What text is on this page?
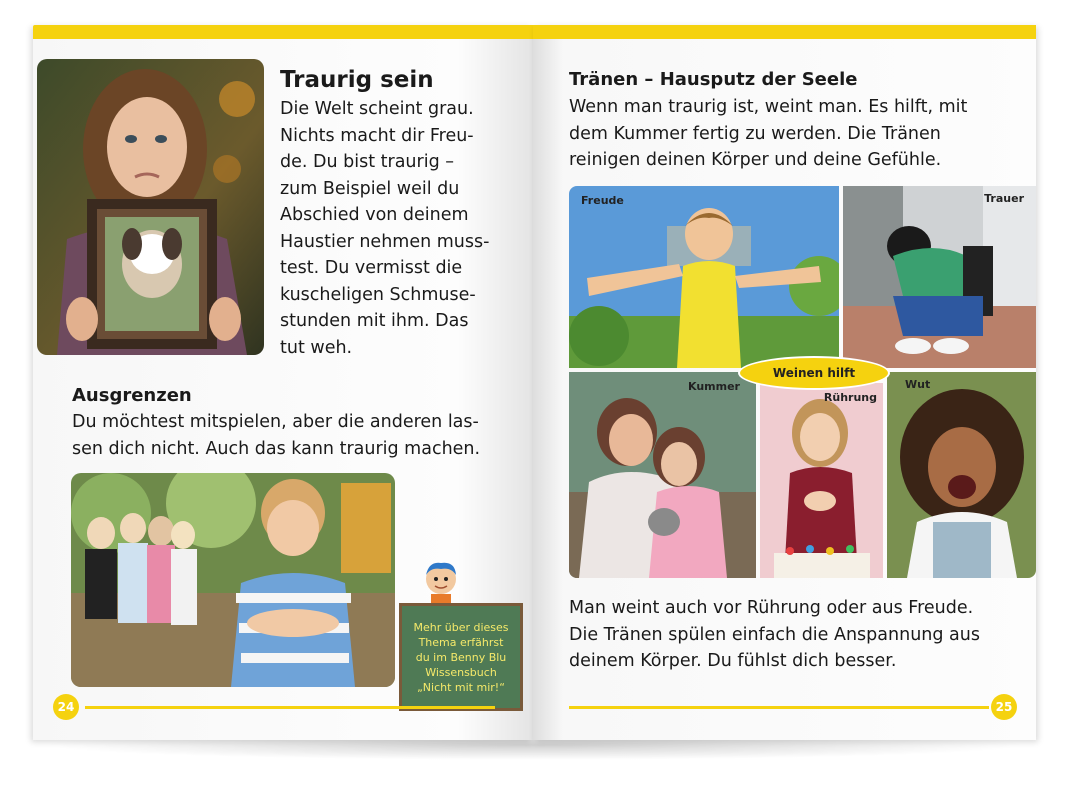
Traurig sein
Die Welt scheint grau.
Nichts macht dir Freu-
de. Du bist traurig –
zum Beispiel weil du
Abschied von deinem
Haustier nehmen muss-
test. Du vermisst die
kuscheligen Schmuse-
stunden mit ihm. Das
tut weh.
Ausgrenzen
Du möchtest mitspielen, aber die anderen las-
sen dich nicht. Auch das kann traurig machen.
Mehr über dieses
Thema erfährst
du im Benny Blu
Wissensbuch
„Nicht mit mir!“
24
Tränen – Hausputz der Seele
Wenn man traurig ist, weint man. Es hilft, mit
dem Kummer fertig zu werden. Die Tränen
reinigen deinen Körper und deine Gefühle.
Freude	Trauer
Kummer
Rührung
Wut
Man weint auch vor Rührung oder aus Freude.
Die Tränen spülen einfach die Anspannung aus
deinem Körper. Du fühlst dich besser.
25
Weinen hilft
